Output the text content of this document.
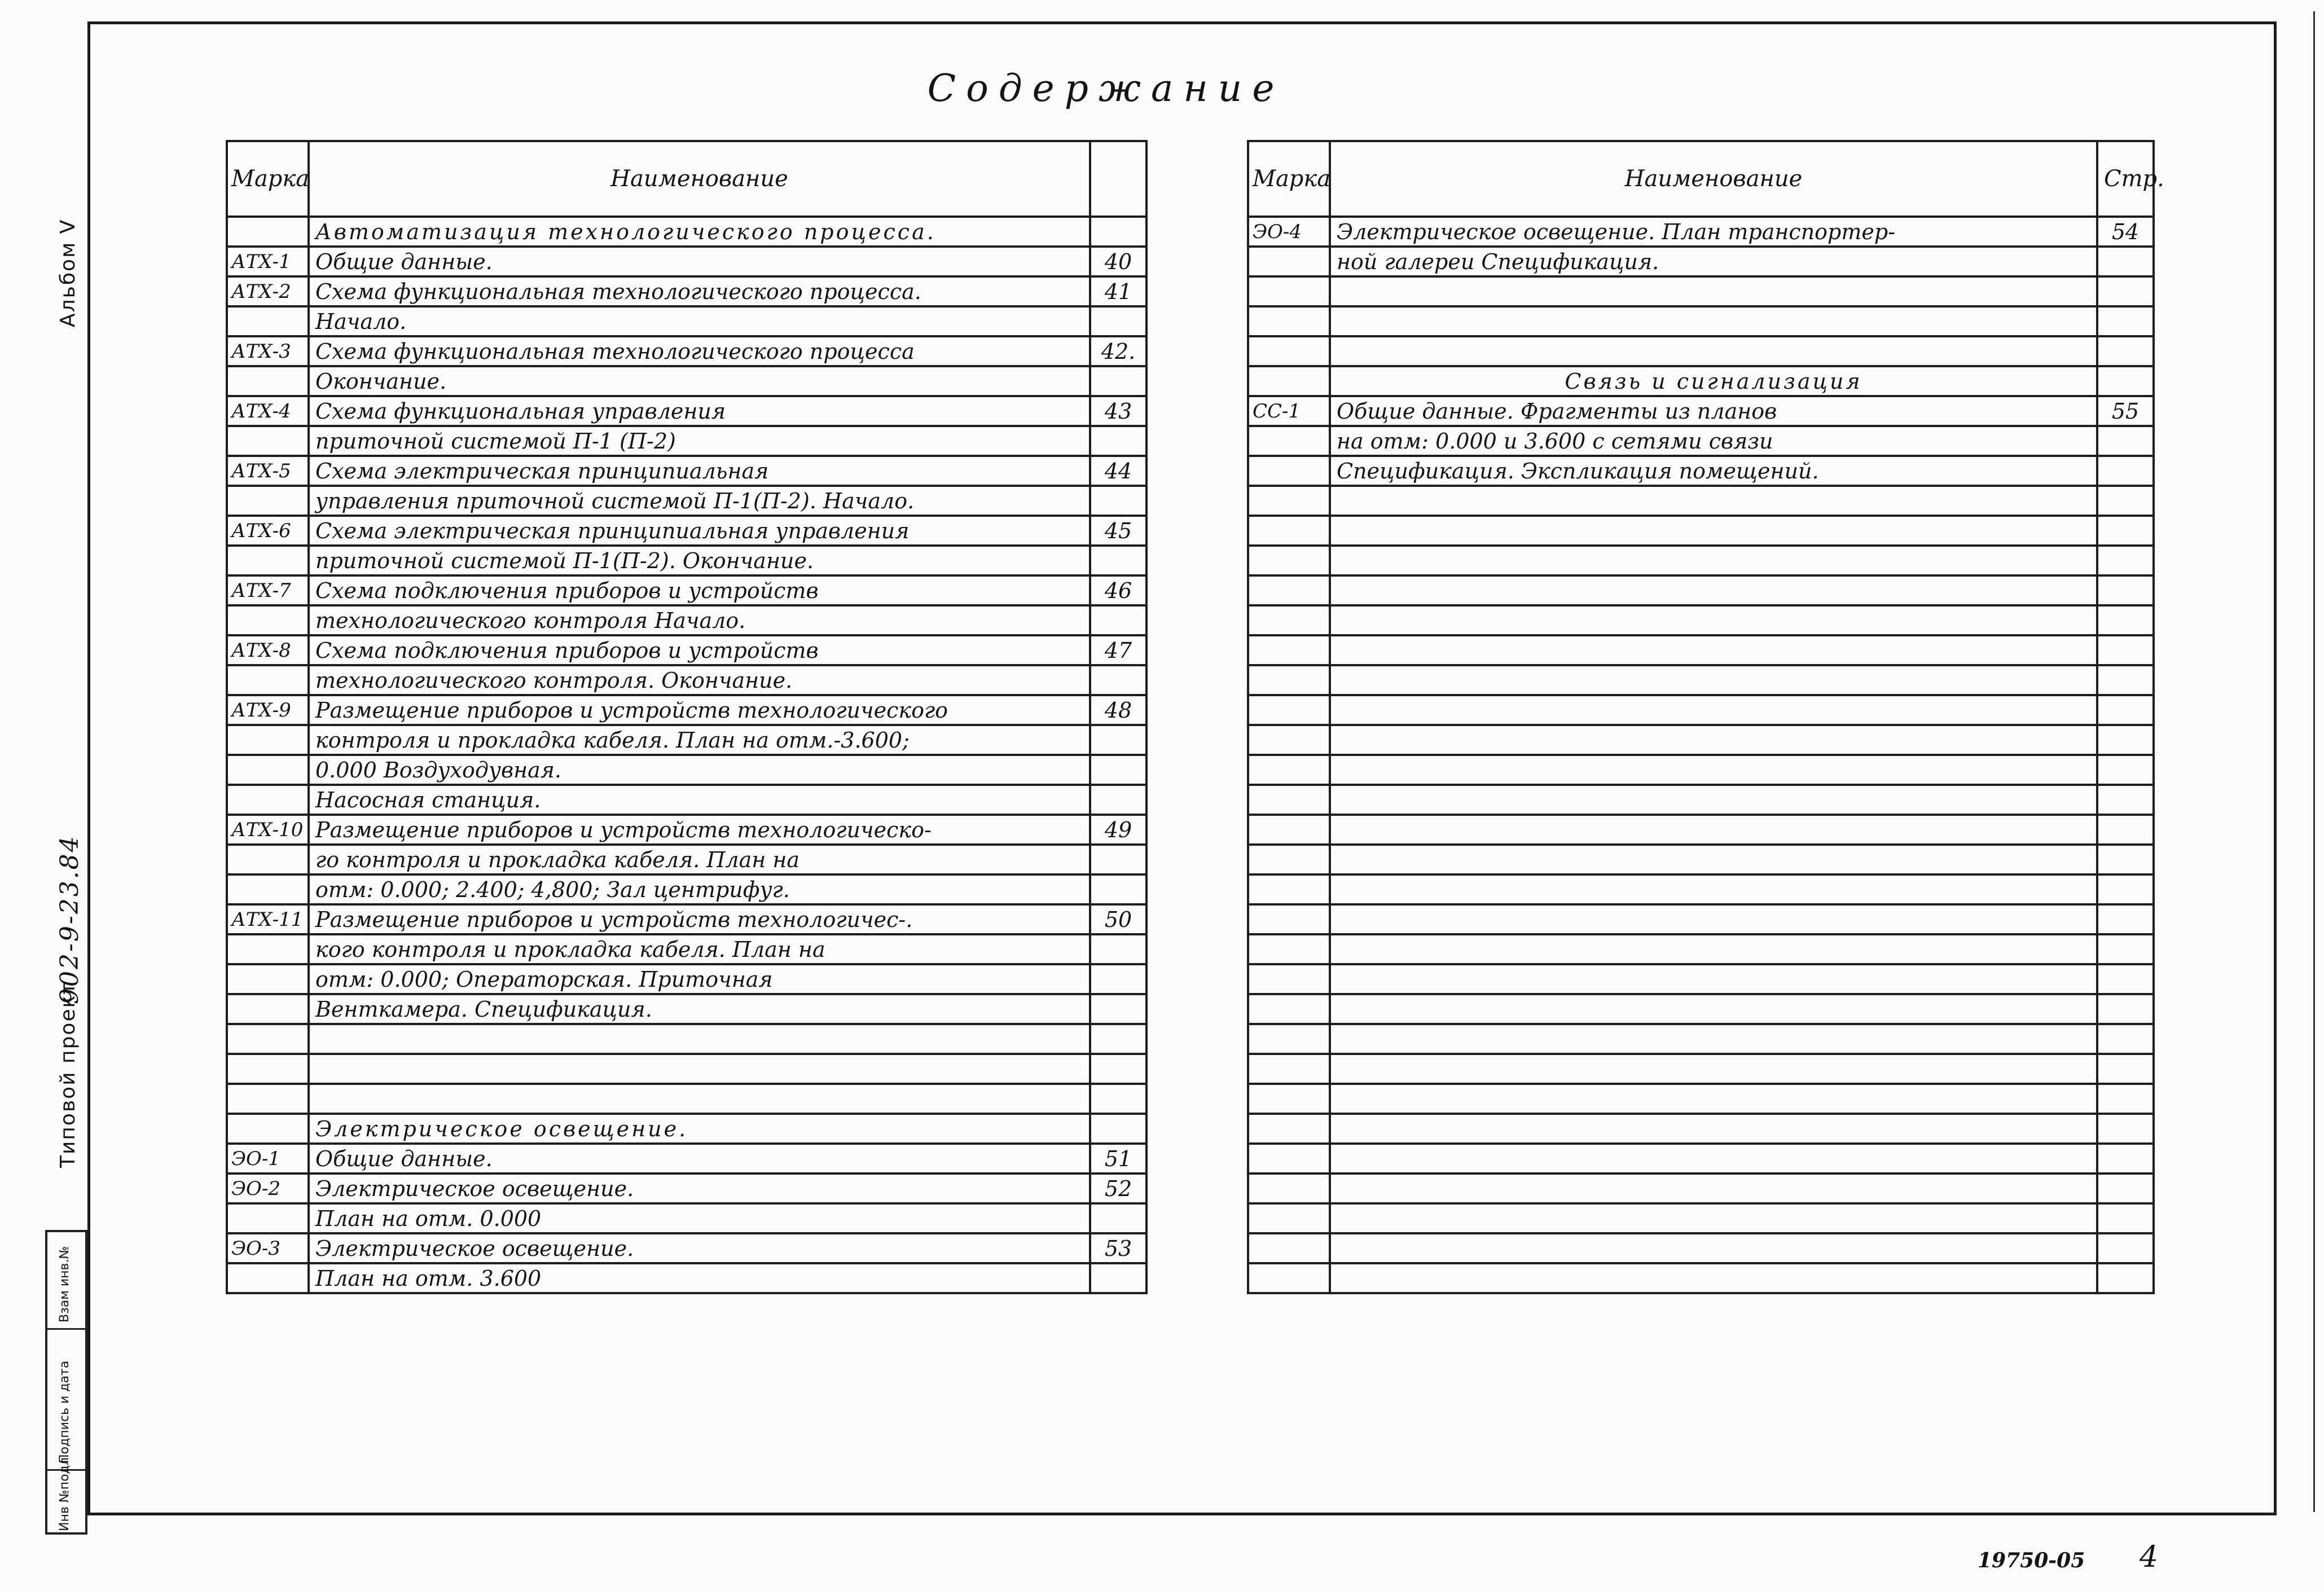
Альбом V
Типовой проект
902-9-23.84
Инв №подл
Подпись и дата
Взам инв.№
Содержание
Марка	Наименование	
	Автоматизация технологического процесса.	
АТХ-1	Общие данные.	40
АТХ-2	Схема функциональная технологического процесса.	41
	Начало.	
АТХ-3	Схема функциональная технологического процесса	42.
	Окончание.	
АТХ-4	Схема функциональная управления	43
	приточной системой П-1 (П-2)	
АТХ-5	Схема электрическая принципиальная	44
	управления приточной системой П-1(П-2). Начало.	
АТХ-6	Схема электрическая принципиальная управления	45
	приточной системой П-1(П-2). Окончание.	
АТХ-7	Схема подключения приборов и устройств	46
	технологического контроля Начало.	
АТХ-8	Схема подключения приборов и устройств	47
	технологического контроля. Окончание.	
АТХ-9	Размещение приборов и устройств технологического	48
	контроля и прокладка кабеля. План на отм.-3.600;	
	0.000 Воздуходувная.	
	Насосная станция.	
АТХ-10	Размещение приборов и устройств технологическо-	49
	го контроля и прокладка кабеля. План на	
	отм: 0.000; 2.400; 4,800; Зал центрифуг.	
АТХ-11	Размещение приборов и устройств технологичес-.	50
	кого контроля и прокладка кабеля. План на	
	отм: 0.000; Операторская. Приточная	
	Венткамера. Спецификация.	

	Электрическое освещение.	
ЭО-1	Общие данные.	51
ЭО-2	Электрическое освещение.	52
	План на отм. 0.000	
ЭО-3	Электрическое освещение.	53
	План на отм. 3.600	
Марка	Наименование	Стр.
ЭО-4	Электрическое освещение. План транспортер-	54
	ной галереи Спецификация.	

	Связь и сигнализация	
СС-1	Общие данные. Фрагменты из планов	55
	на отм: 0.000 и 3.600 с сетями связи	
	Спецификация. Экспликация помещений.	

19750-05 4
